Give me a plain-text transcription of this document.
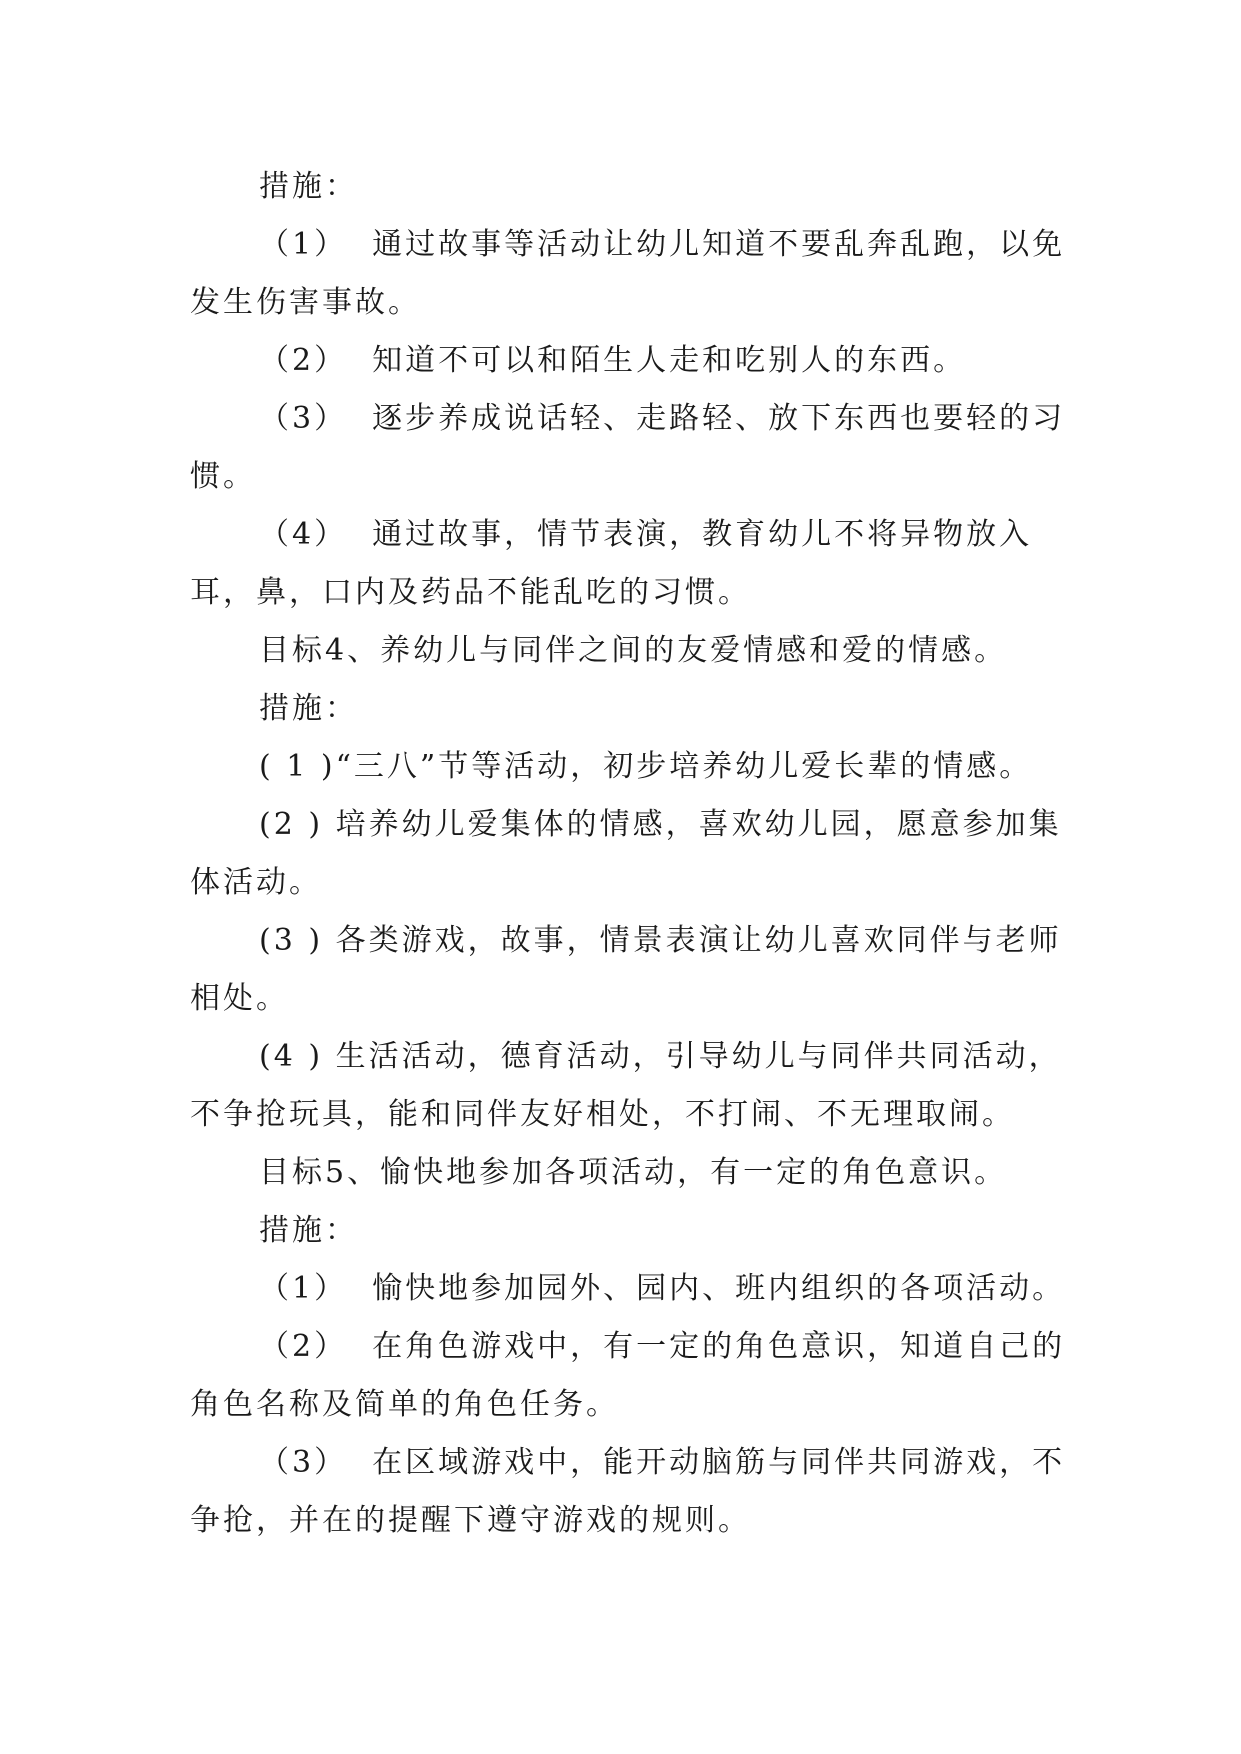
措施：

（1）  通过故事等活动让幼儿知道不要乱奔乱跑，以免发生伤害事故。

（2）  知道不可以和陌生人走和吃别人的东西。

（3）  逐步养成说话轻、走路轻、放下东西也要轻的习惯。

（4）  通过故事，情节表演，教育幼儿不将异物放入耳，鼻，口内及药品不能乱吃的习惯。

目标4、养幼儿与同伴之间的友爱情感和爱的情感。

措施：

( 1 )“三八”节等活动，初步培养幼儿爱长辈的情感。

(2 ) 培养幼儿爱集体的情感，喜欢幼儿园，愿意参加集体活动。

(3 ) 各类游戏，故事，情景表演让幼儿喜欢同伴与老师相处。

(4 ) 生活活动，德育活动，引导幼儿与同伴共同活动，不争抢玩具，能和同伴友好相处，不打闹、不无理取闹。

目标5、愉快地参加各项活动，有一定的角色意识。

措施：

（1）  愉快地参加园外、园内、班内组织的各项活动。

（2）  在角色游戏中，有一定的角色意识，知道自己的角色名称及简单的角色任务。

（3）  在区域游戏中，能开动脑筋与同伴共同游戏，不争抢，并在的提醒下遵守游戏的规则。
